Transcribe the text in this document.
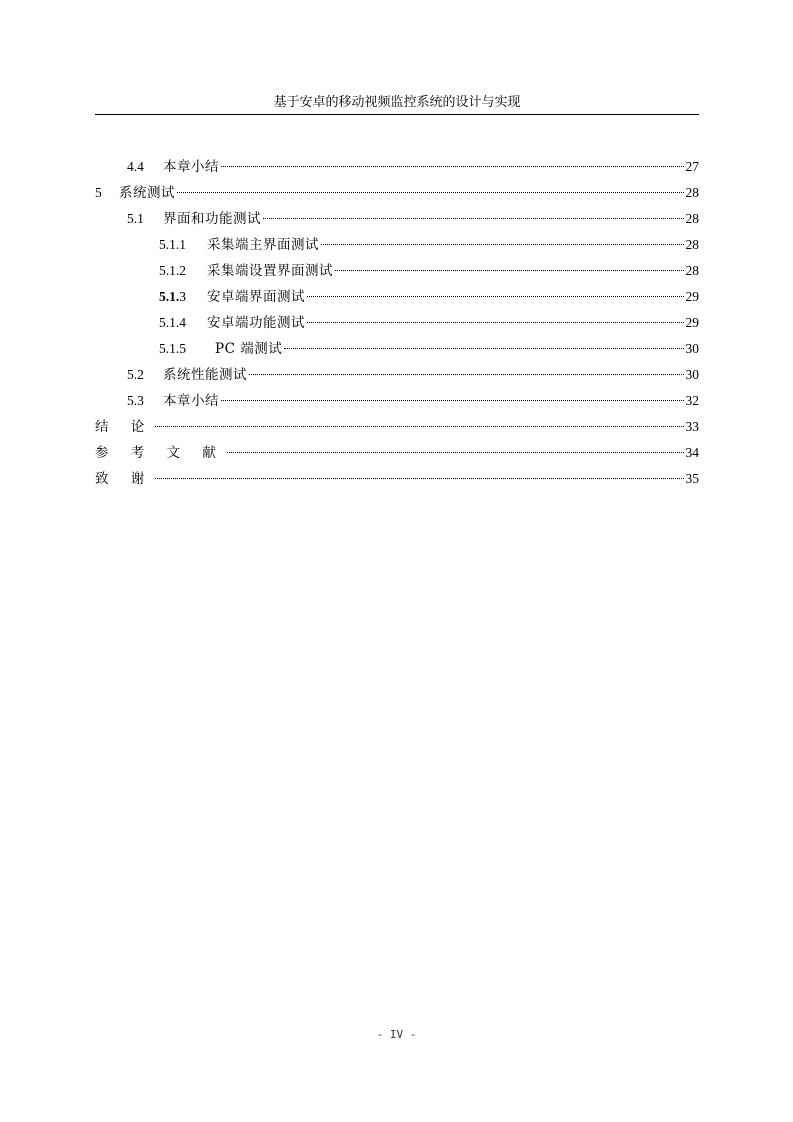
基于安卓的移动视频监控系统的设计与实现
4.4	本章小结	27
5	系统测试	28
5.1	界面和功能测试	28
5.1.1	采集端主界面测试	28
5.1.2	采集端设置界面测试	28
5.1.3	安卓端界面测试	29
5.1.4	安卓端功能测试	29
5.1.5	PC 端测试	30
5.2	系统性能测试	30
5.3	本章小结	32
结 论	33
参 考 文 献	34
致 谢	35
- IV -
